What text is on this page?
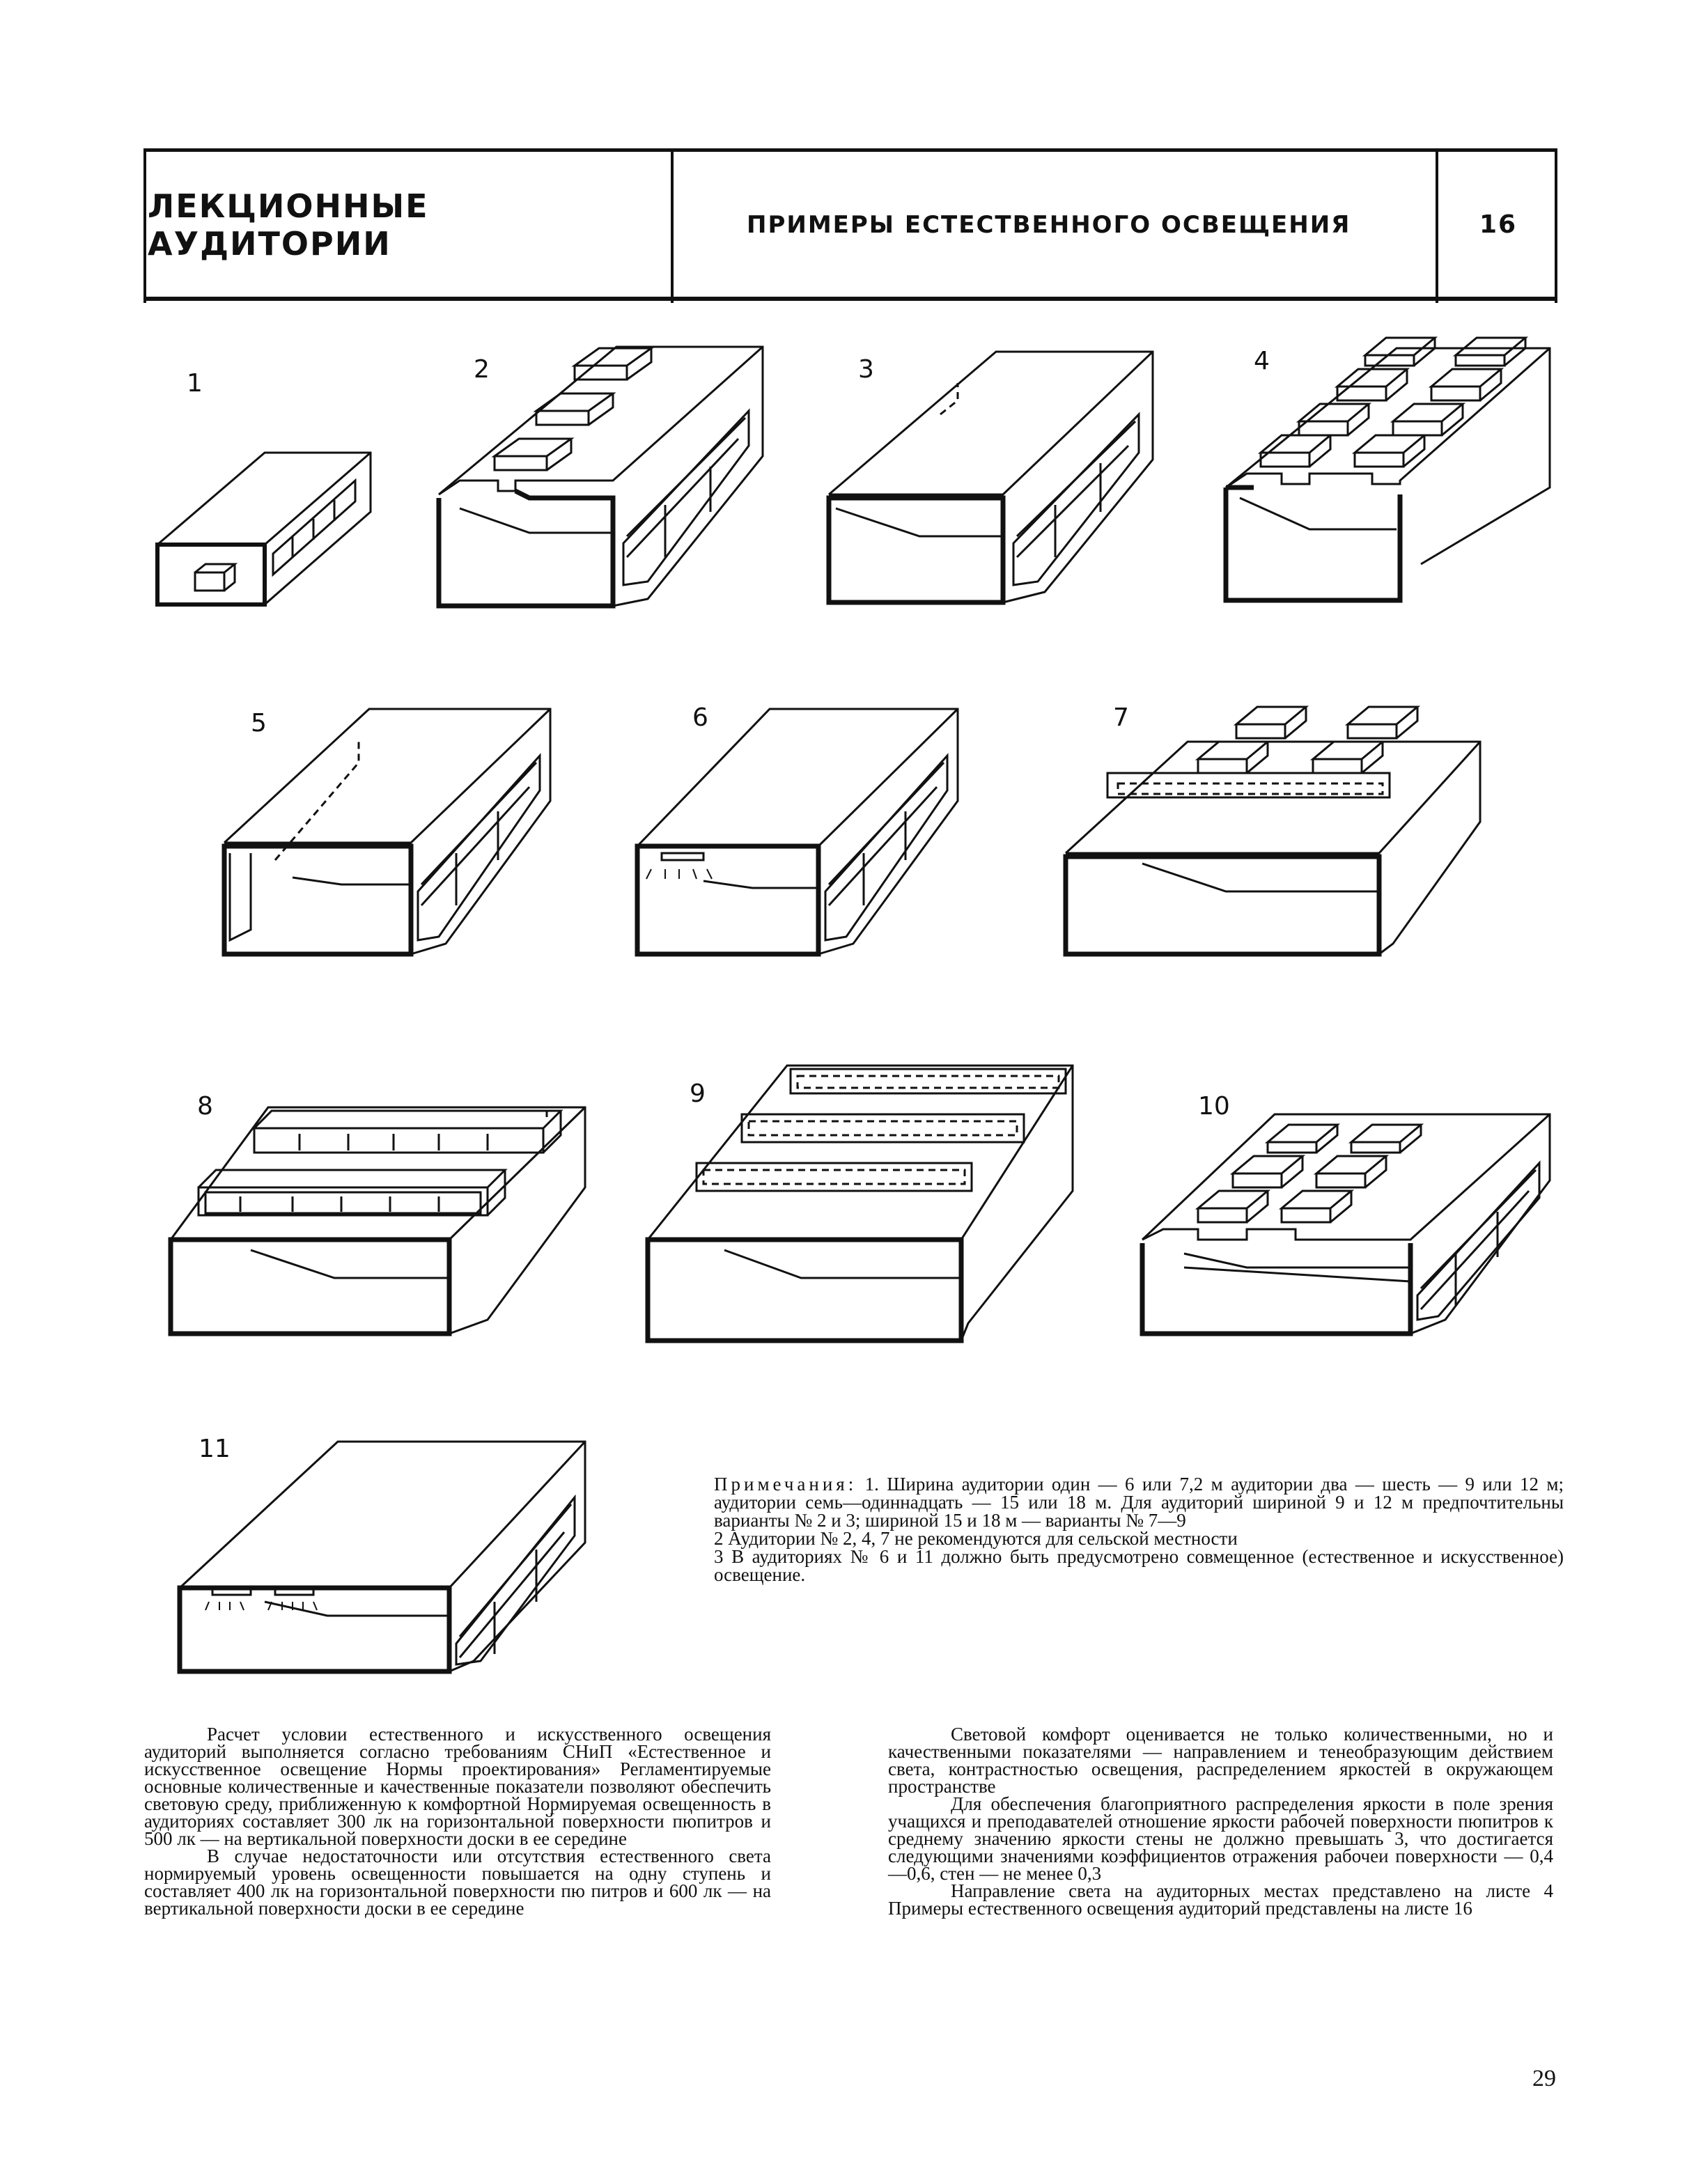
ЛЕКЦИОННЫЕ АУДИТОРИИ	ПРИМЕРЫ ЕСТЕСТВЕННОГО ОСВЕЩЕНИЯ	16
1	2	3	4
5	6	7
8	9	10
11

Примечания: 1. Ширина аудитории один — 6 или 7,2 м аудитории два — шесть — 9 или 12 м; аудитории семь—одиннадцать — 15 или 18 м. Для аудиторий шириной 9 и 12 м предпочтительны варианты № 2 и 3; шириной 15 и 18 м — варианты № 7—9

2 Аудитории № 2, 4, 7 не рекомендуются для сельской местности

3 В аудиториях № 6 и 11 должно быть предусмотрено совмещенное (естественное и искусственное) освещение.

Расчет условии естественного и искусственного освещения аудиторий выполняется согласно требованиям СНиП «Естественное и искусственное освещение Нормы проектирования» Регламентируемые основные количественные и качественные показатели позволяют обеспечить световую среду, приближенную к комфортной Нормируемая освещенность в аудиториях составляет 300 лк на горизонтальной поверхности пюпитров и 500 лк — на вертикальной поверхности доски в ее середине

В случае недостаточности или отсутствия естественного света нормируемый уровень освещенности повышается на одну ступень и составляет 400 лк на горизонтальной поверхности пю питров и 600 лк — на вертикальной поверхности доски в ее середине

Световой комфорт оценивается не только количественными, но и качественными показателями — направлением и тенеобразующим действием света, контрастностью освещения, распределением яркостей в окружающем пространстве

Для обеспечения благоприятного распределения яркости в поле зрения учащихся и преподавателей отношение яркости рабочей поверхности пюпитров к среднему значению яркости стены не должно превышать 3, что достигается следующими значениями коэффициентов отражения рабочеи поверхности — 0,4—0,6, стен — не менее 0,3

Направление света на аудиторных местах представлено на листе 4 Примеры естественного освещения аудиторий представлены на листе 16

29
